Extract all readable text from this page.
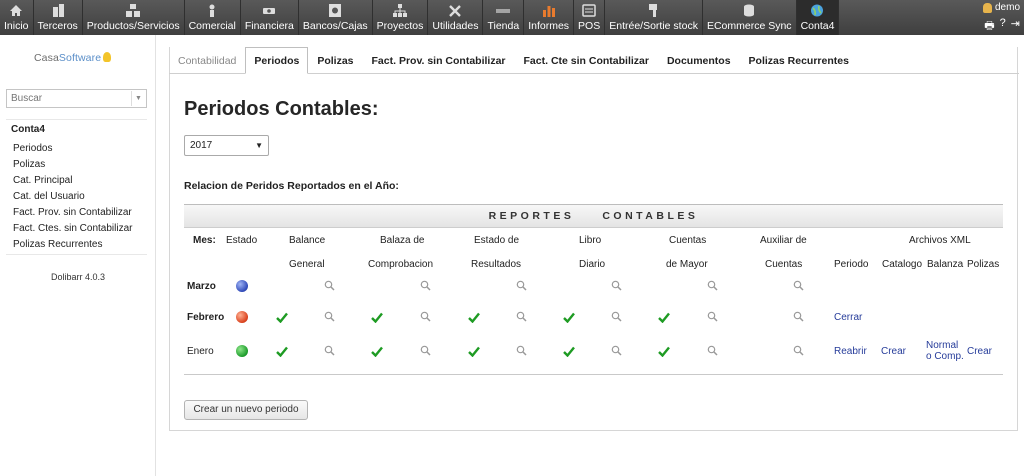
Inicio Terceros Productos/Servicios Comercial Financiera Bancos/Cajas Proyectos Utilidades Tienda Informes POS Entrée/Sortie stock ECommerce Sync Conta4
demo
🖶 ? ⇥
CasaSoftware
Buscar
▼
Conta4
Periodos
Polizas
Cat. Principal
Cat. del Usuario
Fact. Prov. sin Contabilizar
Fact. Ctes. sin Contabilizar
Polizas Recurrentes
Dolibarr 4.0.3
Contabilidad	Periodos	Polizas	Fact. Prov. sin Contabilizar	Fact. Cte sin Contabilizar	Documentos	Polizas Recurrentes
Periodos Contables:
2017	▼
Relacion de Peridos Reportados en el Año:
REPORTES	CONTABLES
Mes: Estado	Balance	Balaza de	Estado de	Libro	Cuentas	Auxiliar de	Archivos XML
General	Comprobacion	Resultados	Diario	de Mayor	Cuentas	Periodo Catalogo Balanza Polizas
Marzo
Febrero	Cerrar
Enero	Reabrir Crear
Normal o Comp. Crear
Crear un nuevo periodo
